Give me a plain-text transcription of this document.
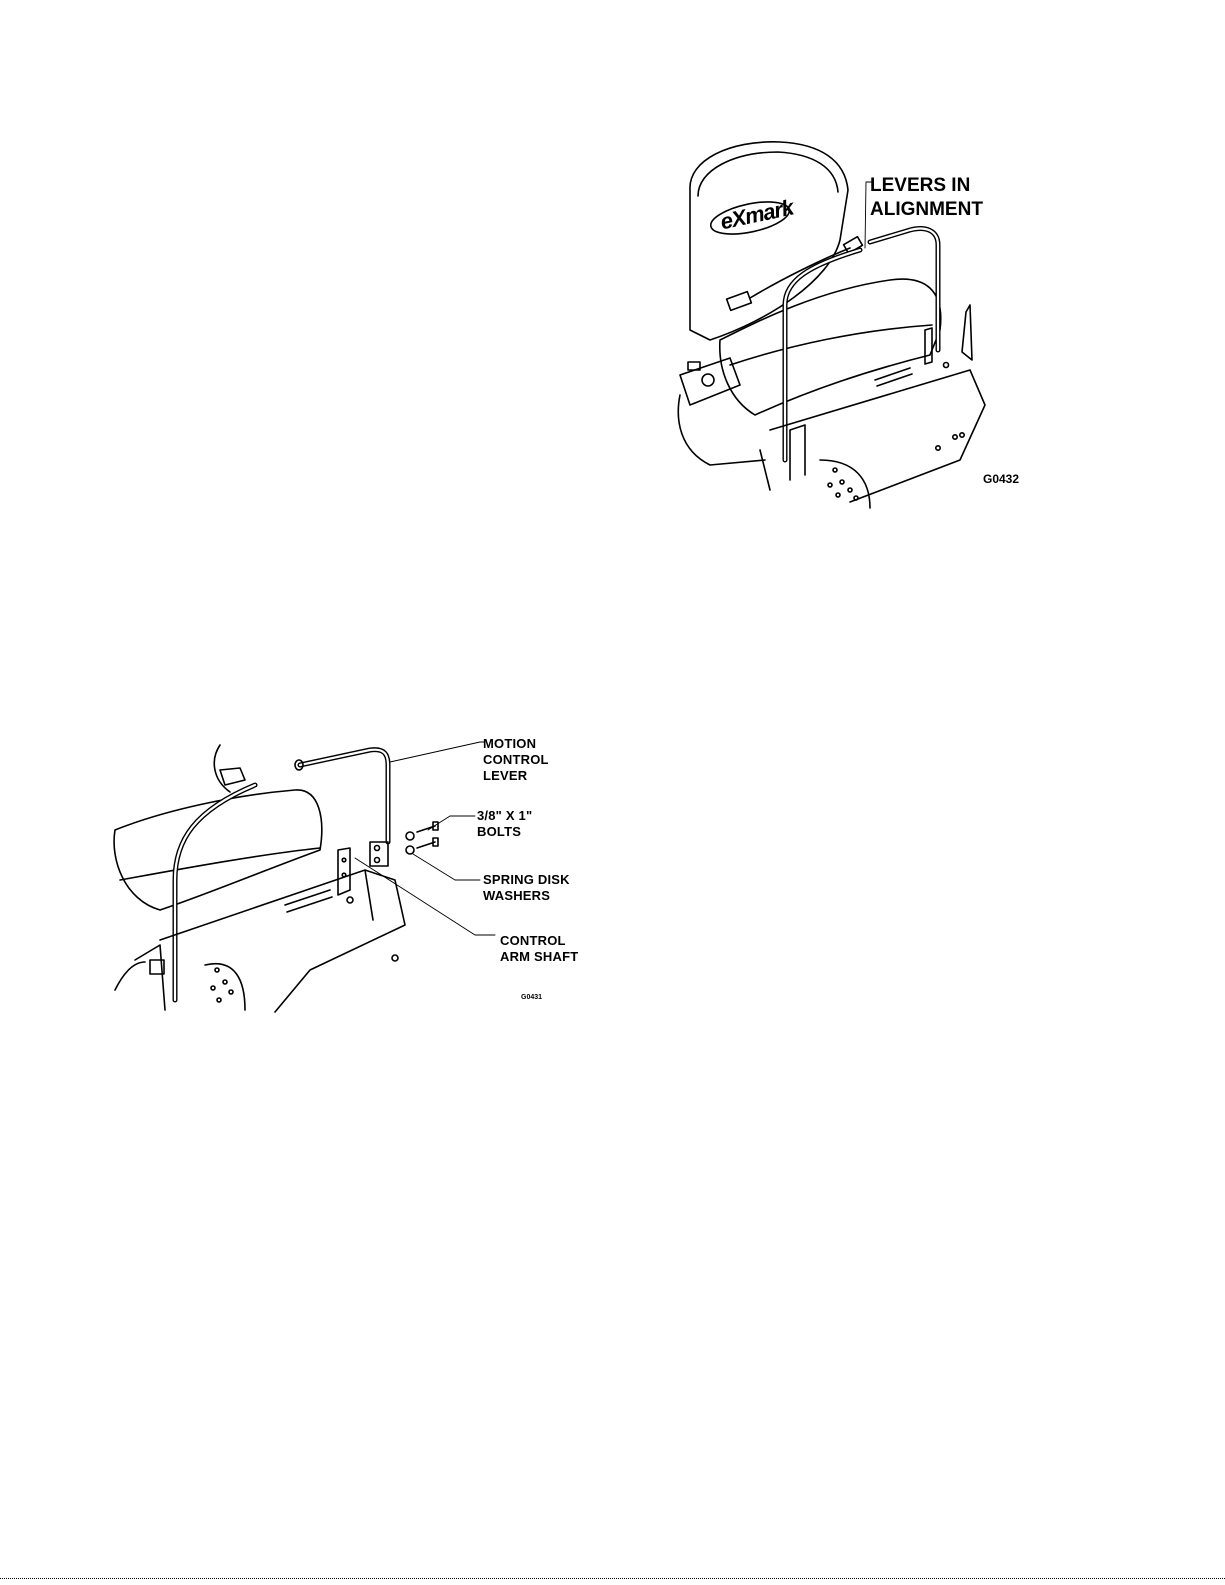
eXmark
LEVERS IN
ALIGNMENT
G0432
MOTION
CONTROL
LEVER
3/8" X 1"
BOLTS
SPRING DISK
WASHERS
CONTROL
ARM SHAFT
G0431
